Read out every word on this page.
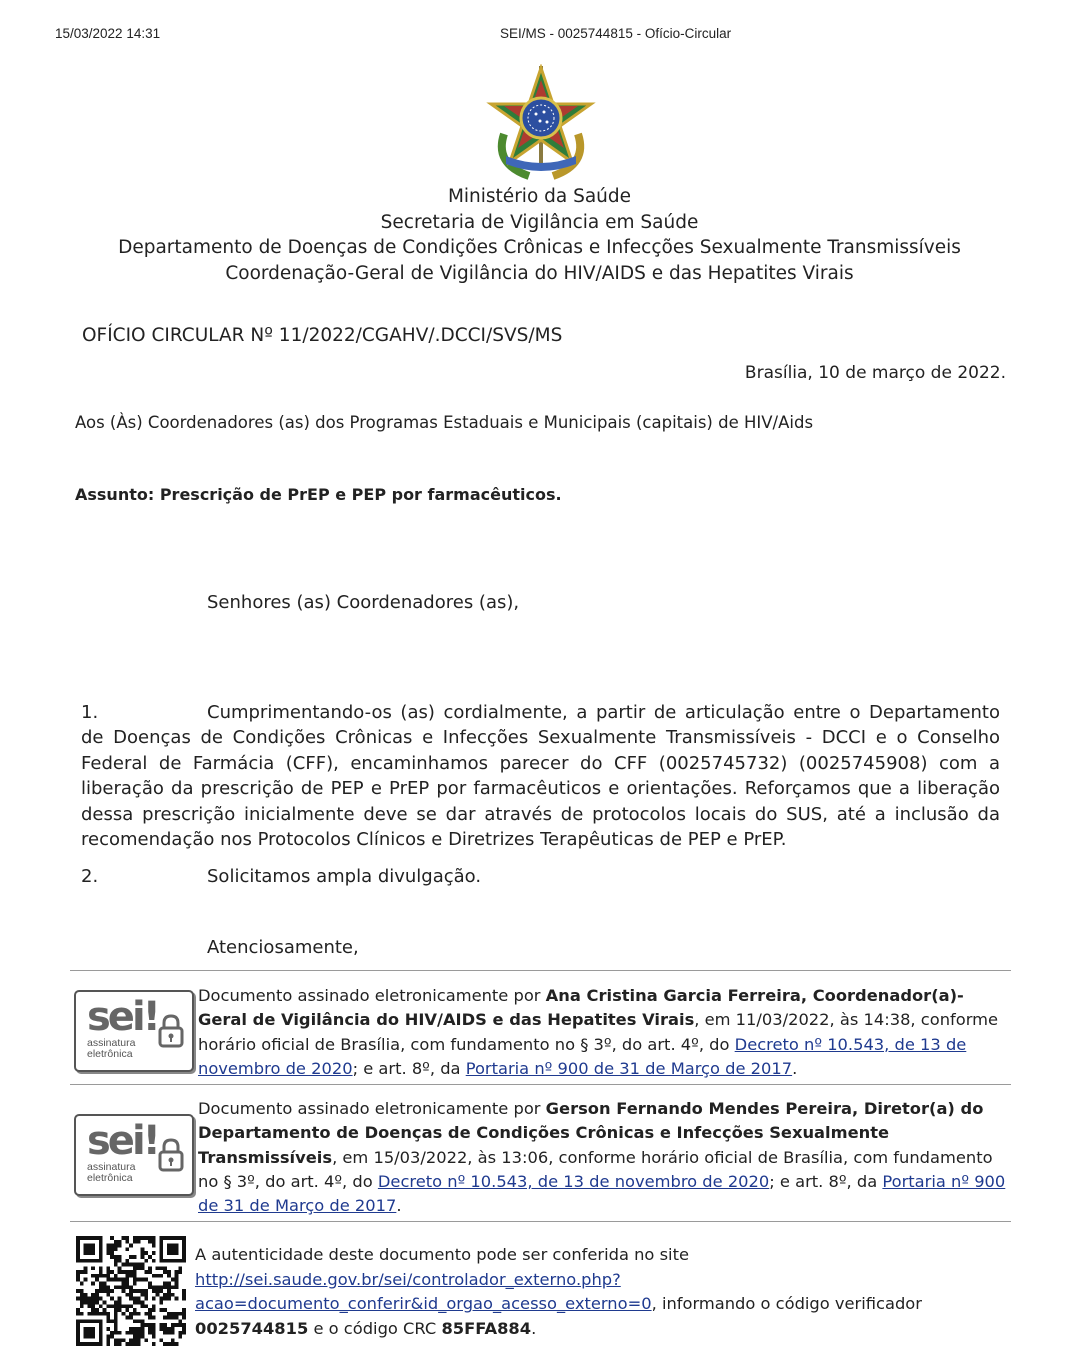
15/03/2022 14:31	SEI/MS - 0025744815 - Ofício-Circular
Ministério da Saúde
Secretaria de Vigilância em Saúde
Departamento de Doenças de Condições Crônicas e Infecções Sexualmente Transmissíveis
Coordenação-Geral de Vigilância do HIV/AIDS e das Hepatites Virais
OFÍCIO CIRCULAR Nº 11/2022/CGAHV/.DCCI/SVS/MS
Brasília, 10 de março de 2022.
Aos (Às) Coordenadores (as) dos Programas Estaduais e Municipais (capitais) de HIV/Aids
Assunto: Prescrição de PrEP e PEP por farmacêuticos.
Senhores (as) Coordenadores (as),
1.	Cumprimentando-os (as) cordialmente, a partir de articulação entre o Departamento de Doenças de Condições Crônicas e Infecções Sexualmente Transmissíveis - DCCI e o Conselho Federal de Farmácia (CFF), encaminhamos parecer do CFF (0025745732) (0025745908) com a liberação da prescrição de PEP e PrEP por farmacêuticos e orientações. Reforçamos que a liberação dessa prescrição inicialmente deve se dar através de protocolos locais do SUS, até a inclusão da recomendação nos Protocolos Clínicos e Diretrizes Terapêuticas de PEP e PrEP.
2.	Solicitamos ampla divulgação.
Atenciosamente,
sei!
assinatura
eletrônica
Documento assinado eletronicamente por Ana Cristina Garcia Ferreira, Coordenador(a)-Geral de Vigilância do HIV/AIDS e das Hepatites Virais, em 11/03/2022, às 14:38, conforme horário oficial de Brasília, com fundamento no § 3º, do art. 4º, do Decreto nº 10.543, de 13 de novembro de 2020; e art. 8º, da Portaria nº 900 de 31 de Março de 2017.
sei!
assinatura
eletrônica
Documento assinado eletronicamente por Gerson Fernando Mendes Pereira, Diretor(a) do Departamento de Doenças de Condições Crônicas e Infecções Sexualmente Transmissíveis, em 15/03/2022, às 13:06, conforme horário oficial de Brasília, com fundamento no § 3º, do art. 4º, do Decreto nº 10.543, de 13 de novembro de 2020; e art. 8º, da Portaria nº 900 de 31 de Março de 2017.
A autenticidade deste documento pode ser conferida no site
http://sei.saude.gov.br/sei/controlador_externo.php?
acao=documento_conferir&id_orgao_acesso_externo=0, informando o código verificador
0025744815 e o código CRC 85FFA884.
